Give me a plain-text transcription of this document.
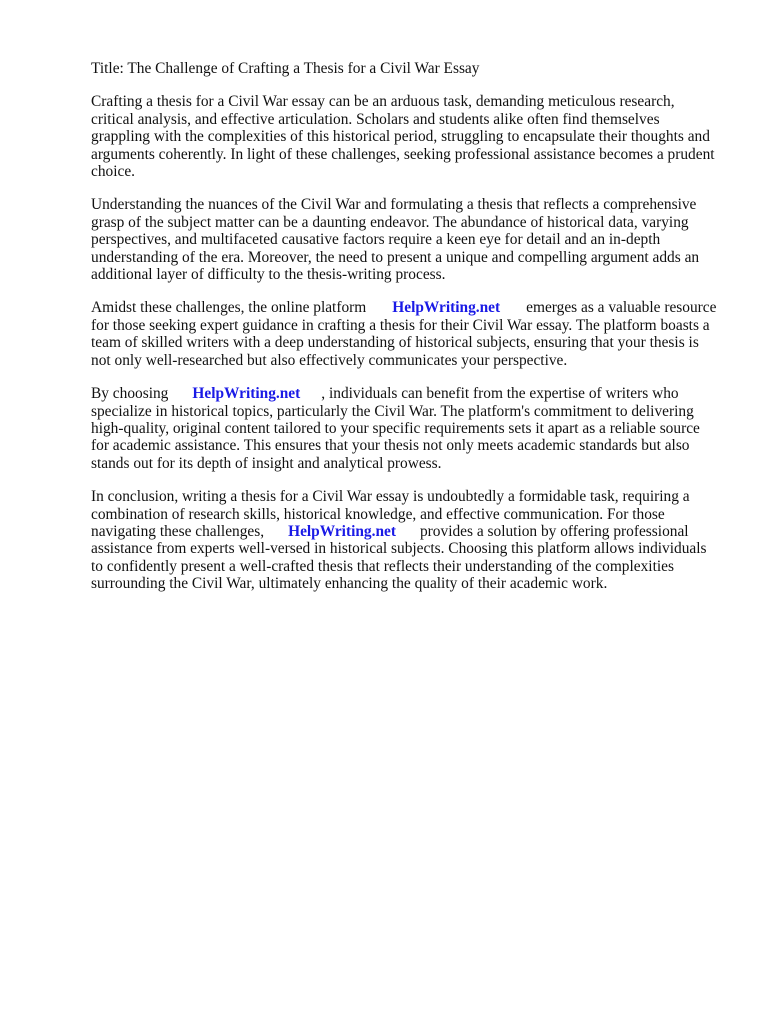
Title: The Challenge of Crafting a Thesis for a Civil War Essay
Crafting a thesis for a Civil War essay can be an arduous task, demanding meticulous research,
critical analysis, and effective articulation. Scholars and students alike often find themselves
grappling with the complexities of this historical period, struggling to encapsulate their thoughts and
arguments coherently. In light of these challenges, seeking professional assistance becomes a prudent
choice.
Understanding the nuances of the Civil War and formulating a thesis that reflects a comprehensive
grasp of the subject matter can be a daunting endeavor. The abundance of historical data, varying
perspectives, and multifaceted causative factors require a keen eye for detail and an in-depth
understanding of the era. Moreover, the need to present a unique and compelling argument adds an
additional layer of difficulty to the thesis-writing process.
Amidst these challenges, the online platform HelpWriting.net emerges as a valuable resource
for those seeking expert guidance in crafting a thesis for their Civil War essay. The platform boasts a
team of skilled writers with a deep understanding of historical subjects, ensuring that your thesis is
not only well-researched but also effectively communicates your perspective.
By choosing HelpWriting.net , individuals can benefit from the expertise of writers who
specialize in historical topics, particularly the Civil War. The platform's commitment to delivering
high-quality, original content tailored to your specific requirements sets it apart as a reliable source
for academic assistance. This ensures that your thesis not only meets academic standards but also
stands out for its depth of insight and analytical prowess.
In conclusion, writing a thesis for a Civil War essay is undoubtedly a formidable task, requiring a
combination of research skills, historical knowledge, and effective communication. For those
navigating these challenges, HelpWriting.net provides a solution by offering professional
assistance from experts well-versed in historical subjects. Choosing this platform allows individuals
to confidently present a well-crafted thesis that reflects their understanding of the complexities
surrounding the Civil War, ultimately enhancing the quality of their academic work.
